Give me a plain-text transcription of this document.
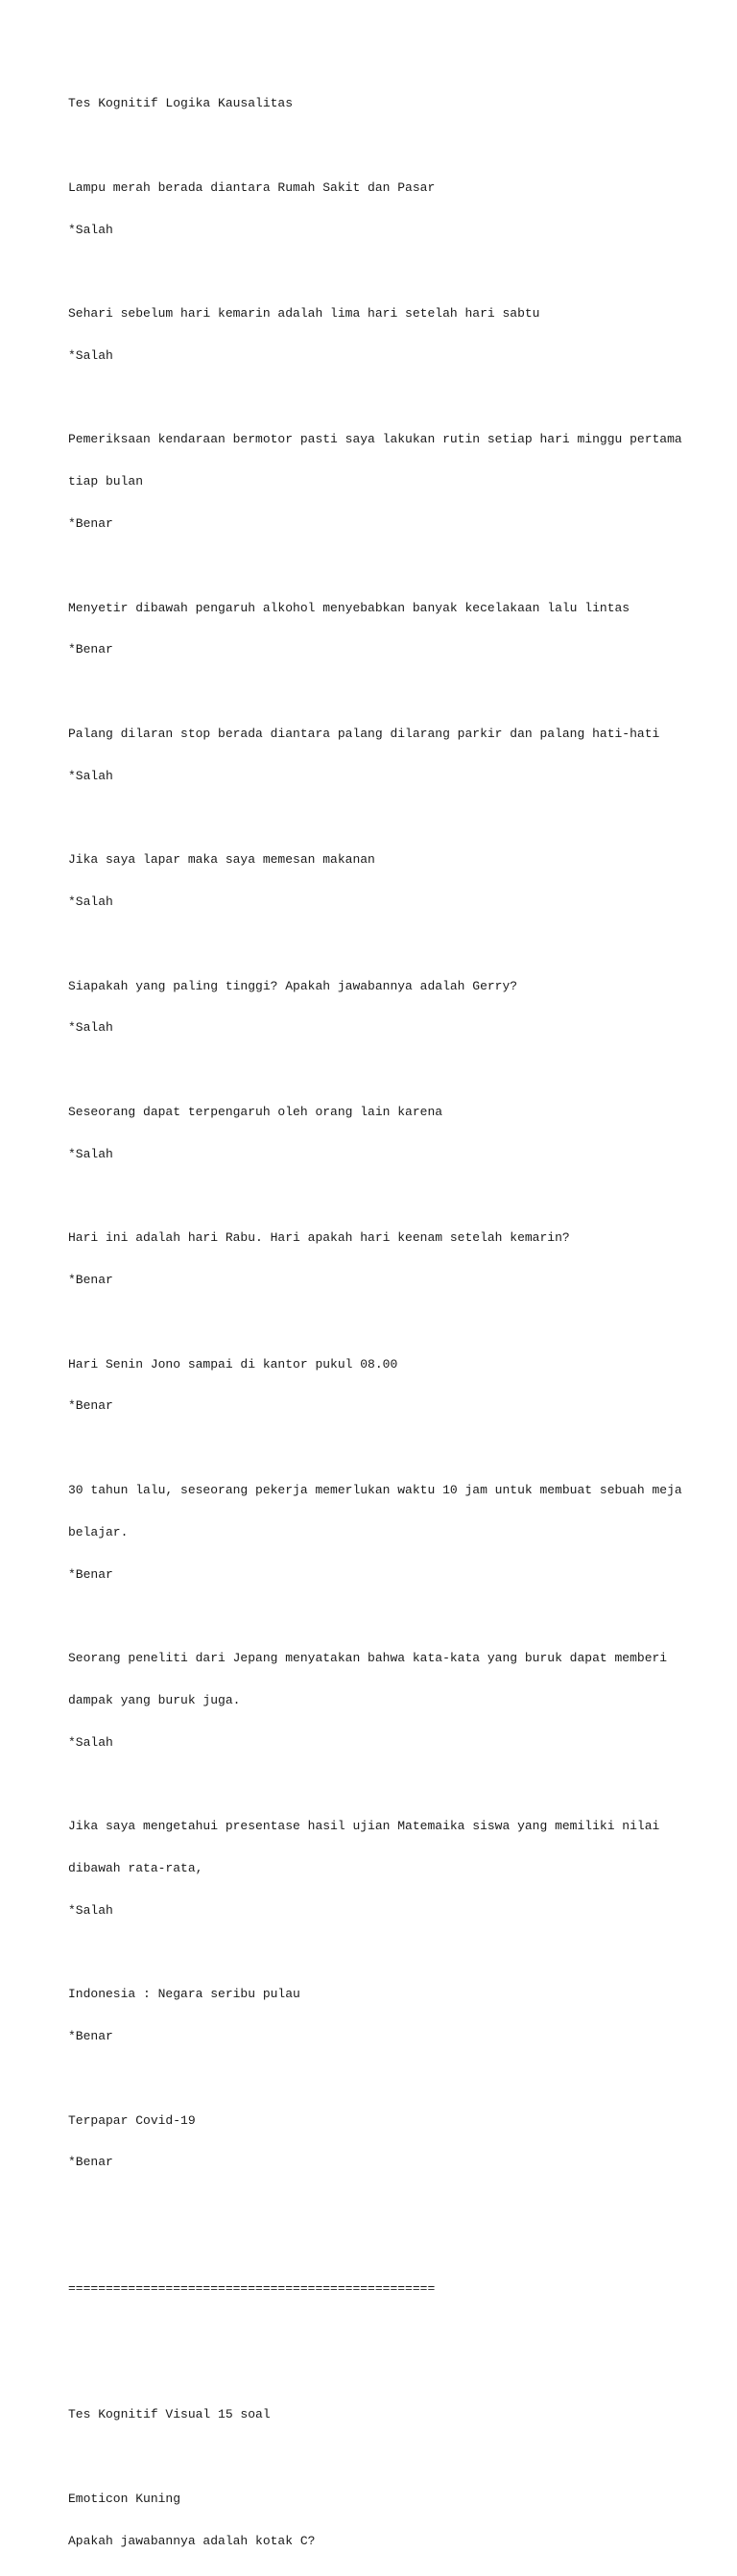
Tes Kognitif Logika Kausalitas

Lampu merah berada diantara Rumah Sakit dan Pasar

*Salah

Sehari sebelum hari kemarin adalah lima hari setelah hari sabtu

*Salah

Pemeriksaan kendaraan bermotor pasti saya lakukan rutin setiap hari minggu pertama

tiap bulan

*Benar

Menyetir dibawah pengaruh alkohol menyebabkan banyak kecelakaan lalu lintas

*Benar

Palang dilaran stop berada diantara palang dilarang parkir dan palang hati-hati

*Salah

Jika saya lapar maka saya memesan makanan

*Salah

Siapakah yang paling tinggi? Apakah jawabannya adalah Gerry?

*Salah

Seseorang dapat terpengaruh oleh orang lain karena

*Salah

Hari ini adalah hari Rabu. Hari apakah hari keenam setelah kemarin?

*Benar

Hari Senin Jono sampai di kantor pukul 08.00

*Benar

30 tahun lalu, seseorang pekerja memerlukan waktu 10 jam untuk membuat sebuah meja

belajar.

*Benar

Seorang peneliti dari Jepang menyatakan bahwa kata-kata yang buruk dapat memberi

dampak yang buruk juga.

*Salah

Jika saya mengetahui presentase hasil ujian Matemaika siswa yang memiliki nilai

dibawah rata-rata,

*Salah

Indonesia : Negara seribu pulau

*Benar

Terpapar Covid-19

*Benar

=================================================

Tes Kognitif Visual 15 soal

Emoticon Kuning

Apakah jawabannya adalah kotak C?
